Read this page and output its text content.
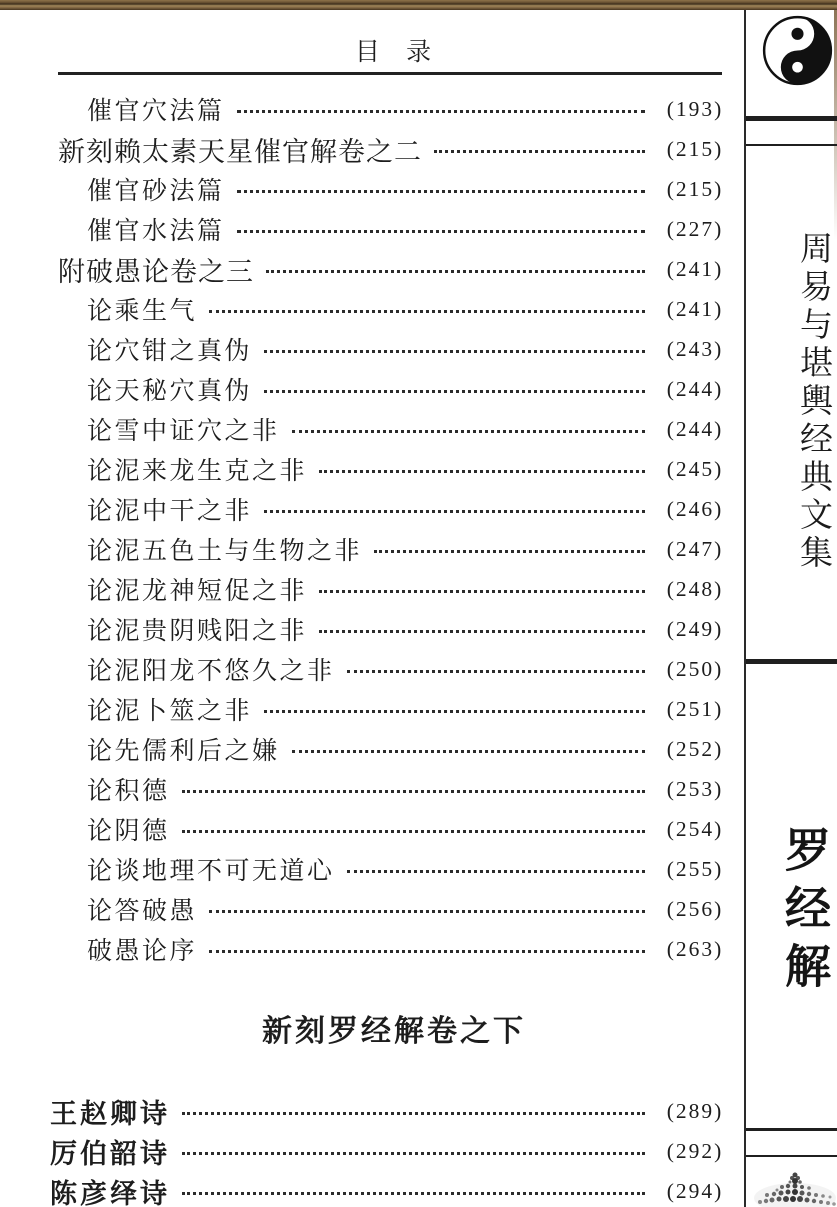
目 录
催官穴法篇	(193)
新刻赖太素天星催官解卷之二	(215)
催官砂法篇	(215)
催官水法篇	(227)
附破愚论卷之三	(241)
论乘生气	(241)
论穴钳之真伪	(243)
论天秘穴真伪	(244)
论雪中证穴之非	(244)
论泥来龙生克之非	(245)
论泥中干之非	(246)
论泥五色土与生物之非	(247)
论泥龙神短促之非	(248)
论泥贵阴贱阳之非	(249)
论泥阳龙不悠久之非	(250)
论泥卜筮之非	(251)
论先儒利后之嫌	(252)
论积德	(253)
论阴德	(254)
论谈地理不可无道心	(255)
论答破愚	(256)
破愚论序	(263)
新刻罗经解卷之下
王赵卿诗	(289)
厉伯韶诗	(292)
陈彦绎诗	(294)
周易与堪輿经典文集
罗经解
